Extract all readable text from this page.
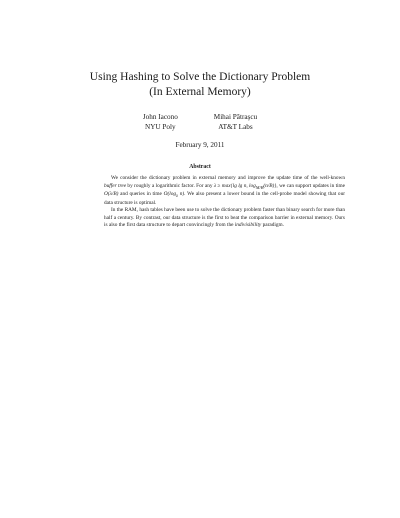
Using Hashing to Solve the Dictionary Problem
(In External Memory)
John Iacono
NYU Poly
Mihai Pătraşcu
AT&T Labs
February 9, 2011
Abstract

We consider the dictionary problem in external memory and improve the update time of the well-known buffer tree by roughly a logarithmic factor. For any λ ≥ max{lg lg n, $\log_{M/B}(n/B)$}, we can support updates in time O(λ/B) and queries in time $O(\log_\lambda$ n). We also present a lower bound in the cell-probe model showing that our data structure is optimal.

In the RAM, hash tables have been use to solve the dictionary problem faster than binary search for more than half a century. By contrast, our data structure is the first to beat the comparison barrier in external memory. Ours is also the first data structure to depart convincingly from the indivisibility paradigm.
